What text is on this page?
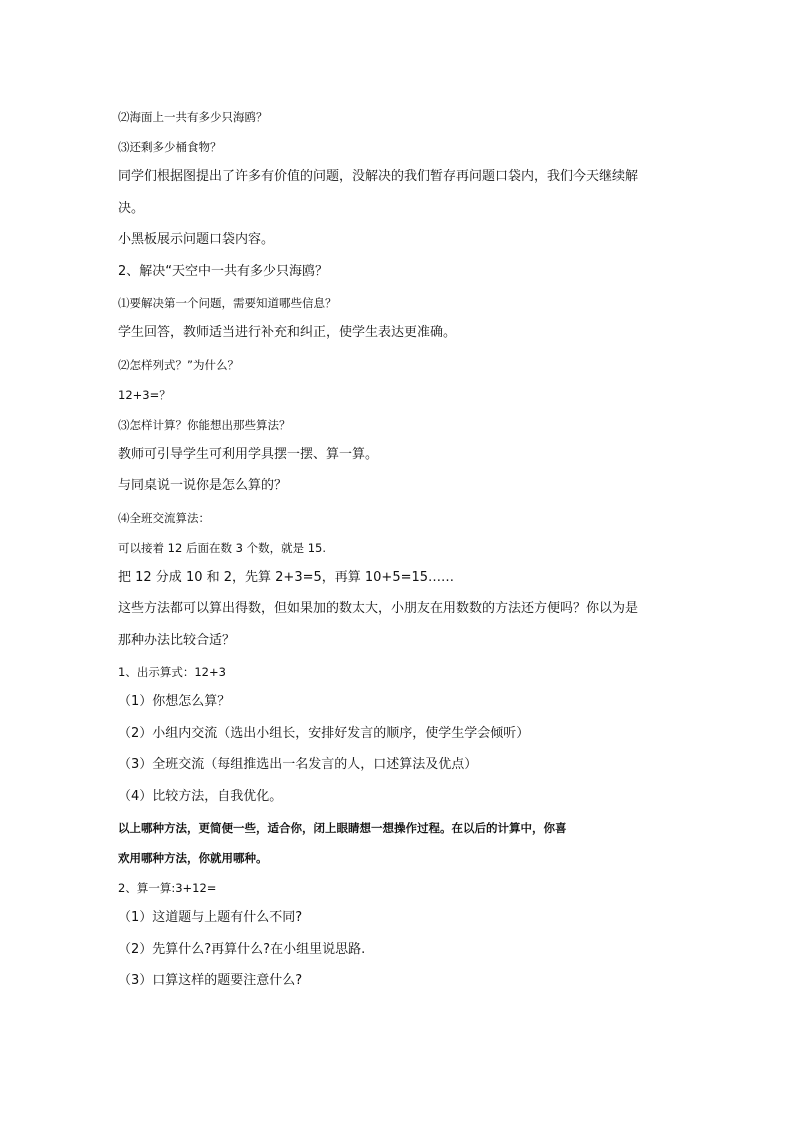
⑵海面上一共有多少只海鸥？

⑶还剩多少桶食物？

同学们根据图提出了许多有价值的问题，没解决的我们暂存再问题口袋内，我们今天继续解

决。

小黑板展示问题口袋内容。

2、解决“天空中一共有多少只海鸥？

⑴要解决第一个问题，需要知道哪些信息？

学生回答，教师适当进行补充和纠正，使学生表达更准确。

⑵怎样列式？”为什么？

12+3=？

⑶怎样计算？你能想出那些算法？

教师可引导学生可利用学具摆一摆、算一算。

与同桌说一说你是怎么算的？

⑷全班交流算法：

可以接着 12 后面在数 3 个数，就是 15.

把 12 分成 10 和 2，先算 2+3=5，再算 10+5=15……

这些方法都可以算出得数，但如果加的数太大，小朋友在用数数的方法还方便吗？你以为是

那种办法比较合适？

1、出示算式：12+3

（1）你想怎么算？

（2）小组内交流（选出小组长，安排好发言的顺序，使学生学会倾听）

（3）全班交流（每组推选出一名发言的人，口述算法及优点）

（4）比较方法，自我优化。

以上哪种方法，更简便一些，适合你，闭上眼睛想一想操作过程。在以后的计算中，你喜

欢用哪种方法，你就用哪种。

2、算一算:3+12=

（1）这道题与上题有什么不同?

（2）先算什么?再算什么?在小组里说思路.

（3）口算这样的题要注意什么?
